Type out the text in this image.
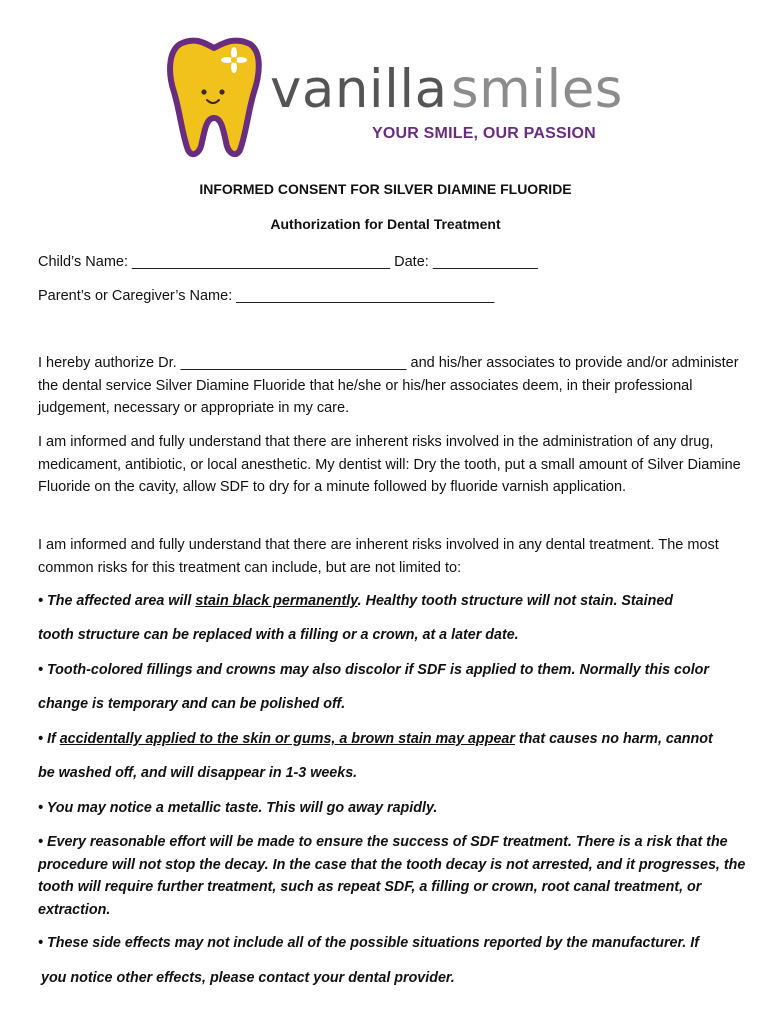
vanilla smiles
YOUR SMILE, OUR PASSION
INFORMED CONSENT FOR SILVER DIAMINE FLUORIDE
Authorization for Dental Treatment
Child’s Name: ________________________________ Date: _____________
Parent’s or Caregiver’s Name: ________________________________
I hereby authorize Dr. ____________________________ and his/her associates to provide and/or administer the dental service Silver Diamine Fluoride that he/she or his/her associates deem, in their professional judgement, necessary or appropriate in my care.
I am informed and fully understand that there are inherent risks involved in the administration of any drug, medicament, antibiotic, or local anesthetic. My dentist will: Dry the tooth, put a small amount of Silver Diamine Fluoride on the cavity, allow SDF to dry for a minute followed by fluoride varnish application.
I am informed and fully understand that there are inherent risks involved in any dental treatment. The most common risks for this treatment can include, but are not limited to:
• The affected area will stain black permanently. Healthy tooth structure will not stain. Stained
tooth structure can be replaced with a filling or a crown, at a later date.
• Tooth-colored fillings and crowns may also discolor if SDF is applied to them. Normally this color
change is temporary and can be polished off.
• If accidentally applied to the skin or gums, a brown stain may appear that causes no harm, cannot
be washed off, and will disappear in 1-3 weeks.
• You may notice a metallic taste. This will go away rapidly.
• Every reasonable effort will be made to ensure the success of SDF treatment. There is a risk that the procedure will not stop the decay. In the case that the tooth decay is not arrested, and it progresses, the tooth will require further treatment, such as repeat SDF, a filling or crown, root canal treatment, or extraction.
• These side effects may not include all of the possible situations reported by the manufacturer. If
you notice other effects, please contact your dental provider.
